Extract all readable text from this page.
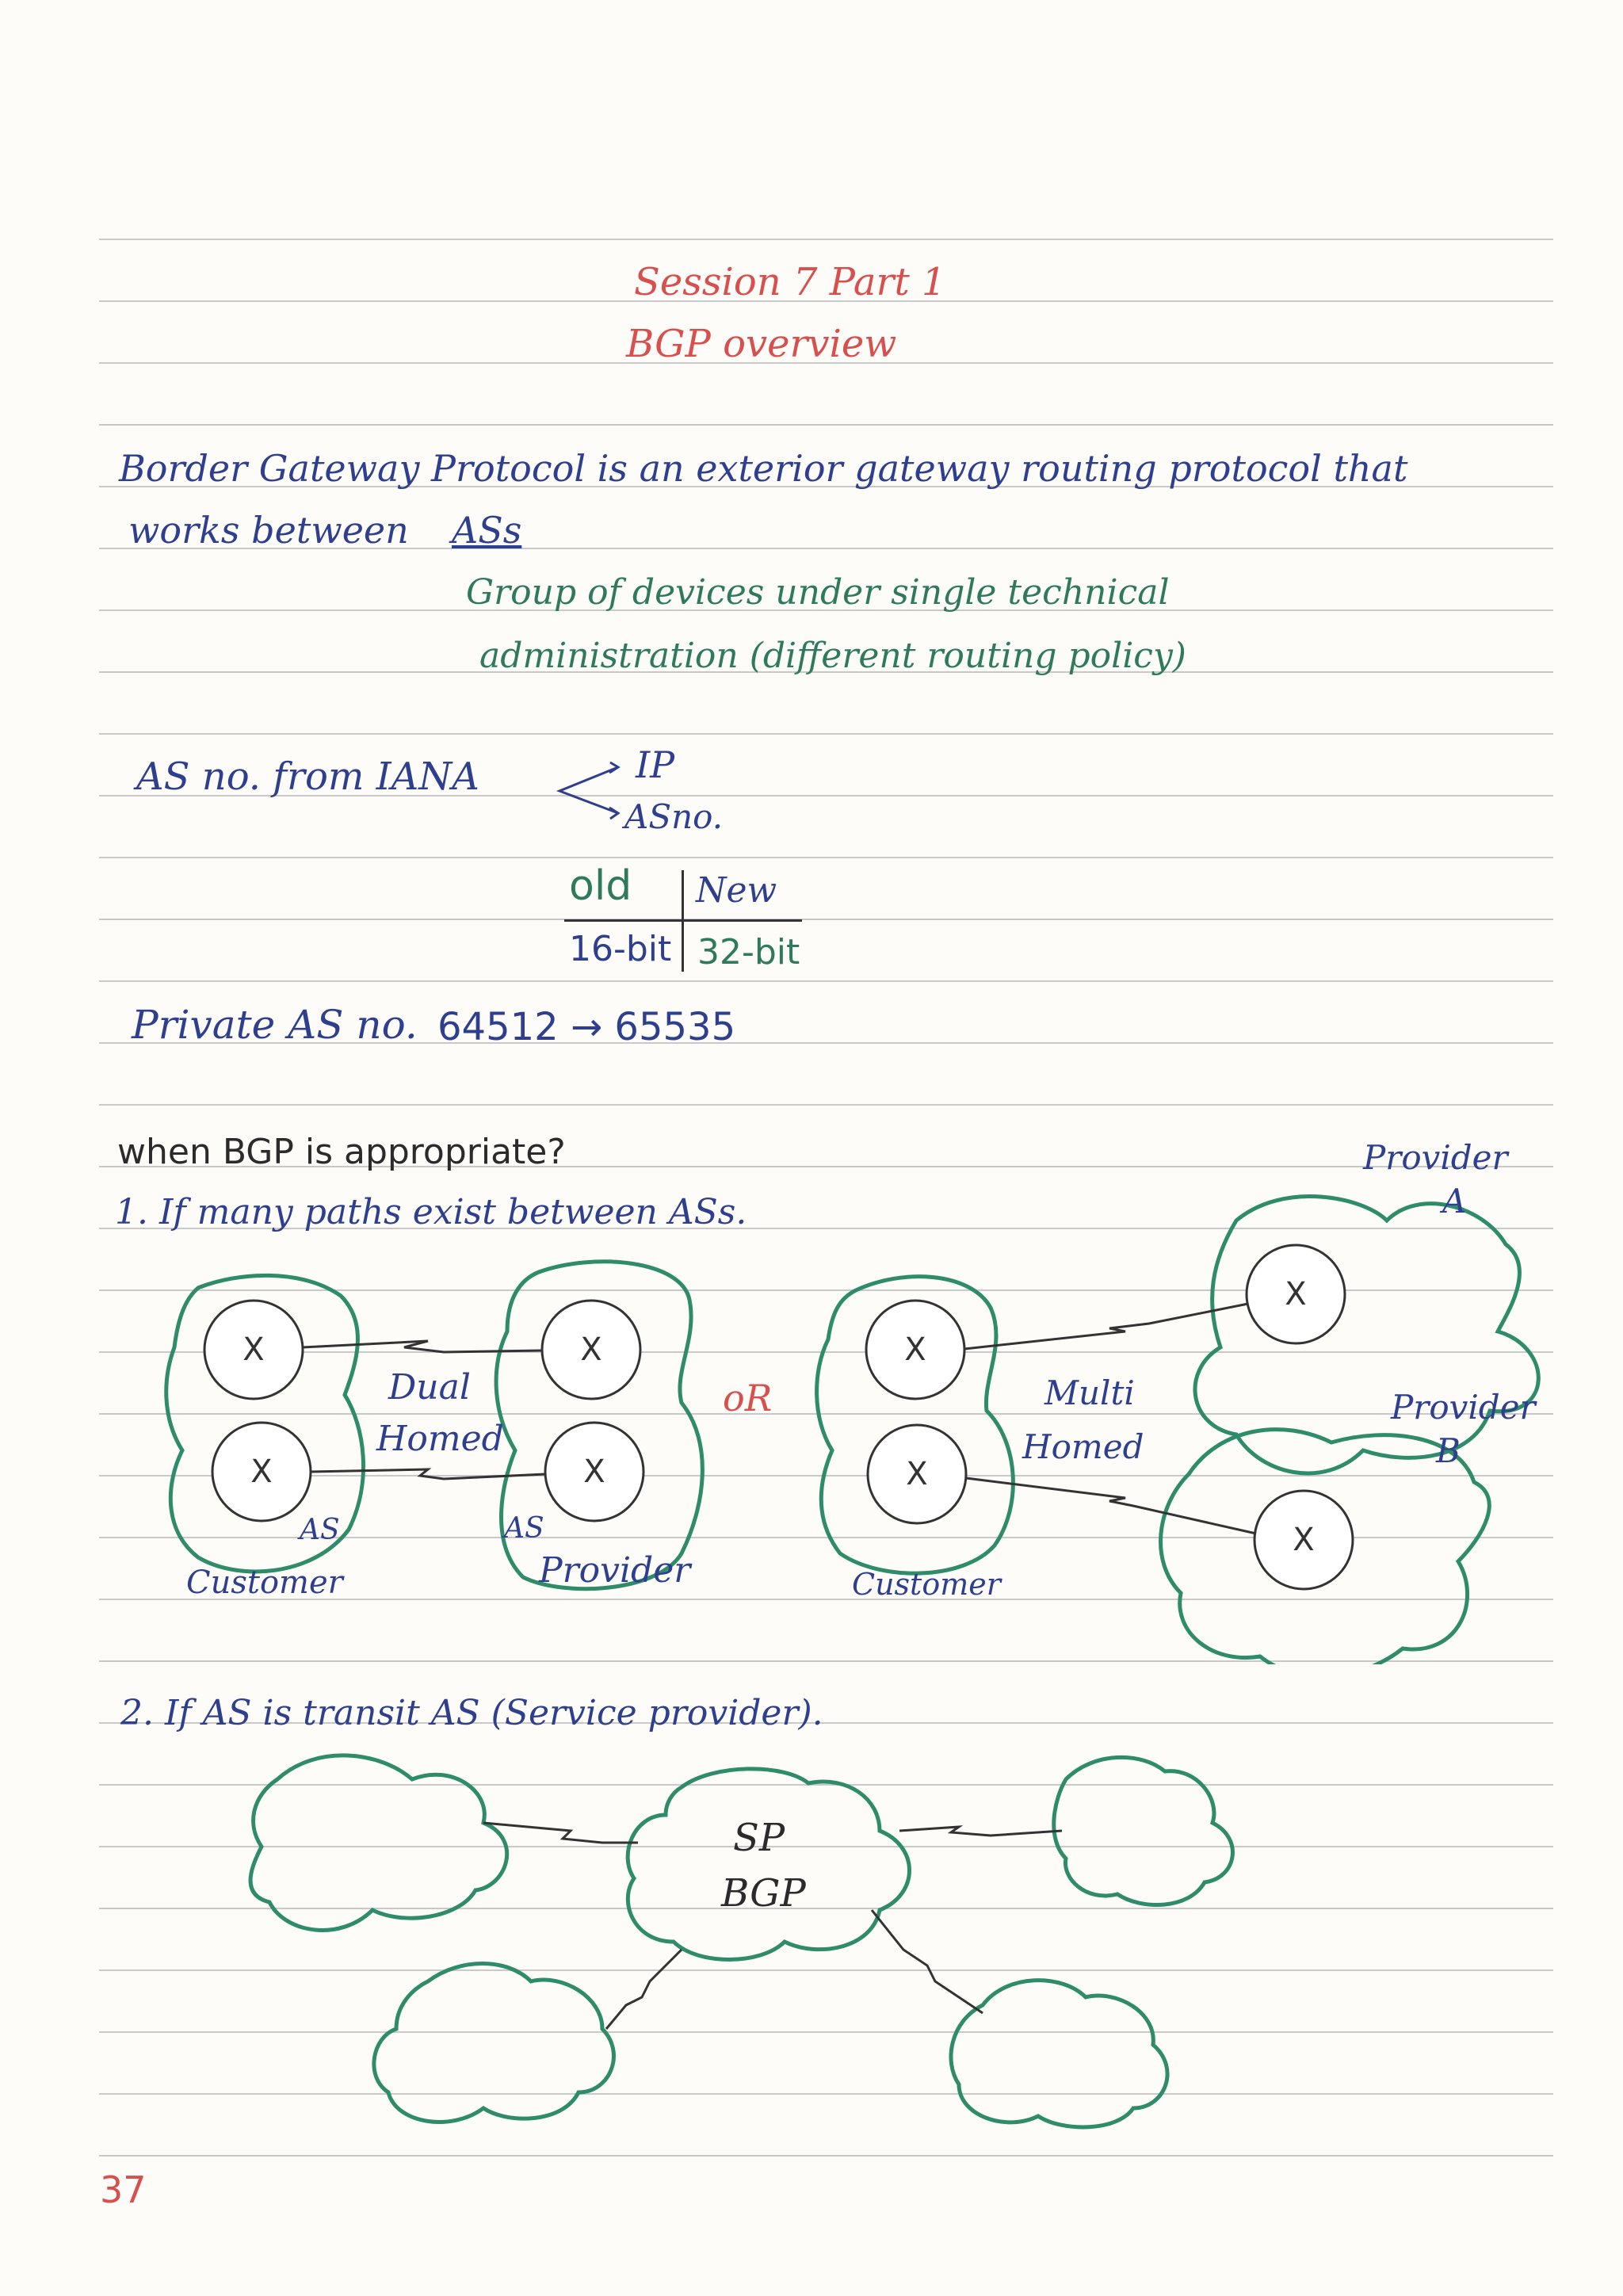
Session 7 Part 1
BGP overview
Border Gateway Protocol is an exterior gateway routing protocol that
works between ASs
Group of devices under single technical
administration (different routing policy)
AS no. from IANA	IP
ASno.
old New
16-bit 32-bit
Private AS no. 64512 → 65535
when BGP is appropriate?
1. If many paths exist between ASs.
X
X
X
X
Dual
Homed
AS
Customer
AS
Provider
oR
X
X
X
X
Multi
Homed
Customer
Provider
A
Provider
B
2. If AS is transit AS (Service provider).
SP
BGP
37
